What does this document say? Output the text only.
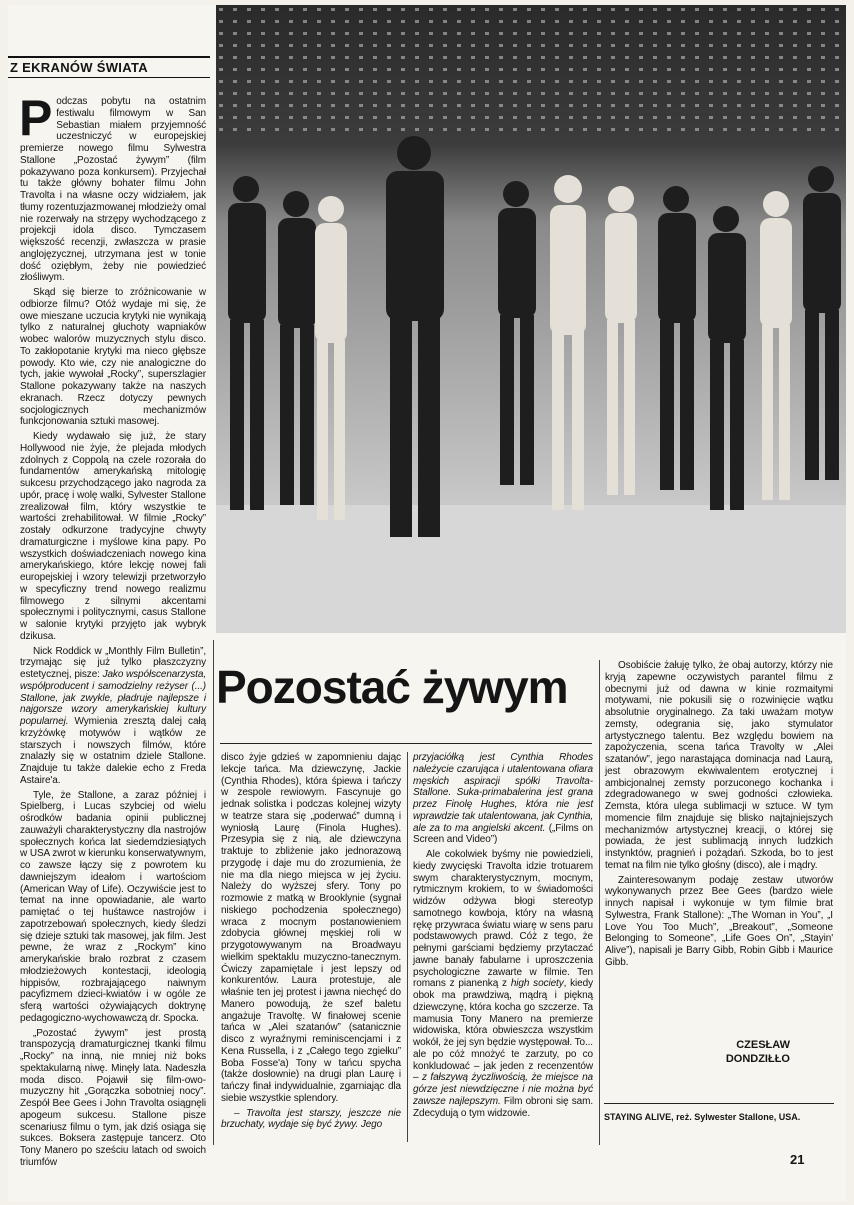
Z EKRANÓW ŚWIATA

Podczas pobytu na ostatnim festiwalu filmowym w San Sebastian miałem przyjemność uczestniczyć w europejskiej premierze nowego filmu Sylwestra Stallone „Pozostać żywym” (film pokazywano poza konkursem). Przyjechał tu także główny bohater filmu John Travolta i na własne oczy widziałem, jak tłumy rozentuzjazmowanej młodzieży omal nie rozerwały na strzępy wychodzącego z projekcji idola disco. Tymczasem większość recenzji, zwłaszcza w prasie anglojęzycznej, utrzymana jest w tonie dość oziębłym, żeby nie powiedzieć złośliwym.

Skąd się bierze to zróżnicowanie w odbiorze filmu? Otóż wydaje mi się, że owe mieszane uczucia krytyki nie wynikają tylko z naturalnej głuchoty wapniaków wobec walorów muzycznych stylu disco. To zakłopotanie krytyki ma nieco głębsze powody. Kto wie, czy nie analogiczne do tych, jakie wywołał „Rocky”, superszlagier Stallone pokazywany także na naszych ekranach. Rzecz dotyczy pewnych socjologicznych mechanizmów funkcjonowania sztuki masowej.

Kiedy wydawało się już, że stary Hollywood nie żyje, że plejada młodych zdolnych z Coppolą na czele rozorała do fundamentów amerykańską mitologię sukcesu przychodzącego jako nagroda za upór, pracę i wolę walki, Sylvester Stallone zrealizował film, który wszystkie te wartości zrehabilitował. W filmie „Rocky” zostały odkurzone tradycyjne chwyty dramaturgiczne i myślowe kina papy. Po wszystkich doświadczeniach nowego kina amerykańskiego, które lekcję nowej fali europejskiej i wzory telewizji przetworzyło w specyficzny trend nowego realizmu filmowego z silnymi akcentami społecznymi i politycznymi, casus Stallone w salonie krytyki przyjęto jak wybryk dzikusa.

Nick Roddick w „Monthly Film Bulletin”, trzymając się już tylko płaszczyzny estetycznej, pisze: Jako współscenarzysta, współproducent i samodzielny reżyser (...) Stallone, jak zwykle, pładruje najlepsze i najgorsze wzory amerykańskiej kultury popularnej. Wymienia zresztą dalej całą krzyżówkę motywów i wątków ze starszych i nowszych filmów, które znalazły się w ostatnim dziele Stallone. Znajduje tu także dalekie echo z Freda Astaire'a.

Tyle, że Stallone, a zaraz później i Spielberg, i Lucas szybciej od wielu ośrodków badania opinii publicznej zauważyli charakterystyczny dla nastrojów społecznych końca lat siedemdziesiątych w USA zwrot w kierunku konserwatywnym, co zawsze łączy się z powrotem ku dawniejszym ideałom i wartościom (American Way of Life). Oczywiście jest to temat na inne opowiadanie, ale warto pamiętać o tej huśtawce nastrojów i zapotrzebowań społecznych, kiedy śledzi się dzieje sztuki tak masowej, jak film. Jest pewne, że wraz z „Rockym” kino amerykańskie brało rozbrat z czasem młodzieżowych kontestacji, ideologią hippisów, rozbrajającego naiwnym pacyfizmem dzieci-kwiatów i w ogóle ze sferą wartości ożywiających doktrynę pedagogiczno-wychowawczą dr. Spocka.

„Pozostać żywym” jest prostą transpozycją dramaturgicznej tkanki filmu „Rocky” na inną, nie mniej niż boks spektakularną niwę. Minęły lata. Nadeszła moda disco. Pojawił się film-owo-muzyczny hit „Gorączka sobotniej nocy”. Zespół Bee Gees i John Travolta osiągnęli apogeum sukcesu. Stallone pisze scenariusz filmu o tym, jak dziś osiąga się sukces. Boksera zastępuje tancerz. Oto Tony Manero po sześciu latach od swoich triumfów

Pozostać żywym

disco żyje gdzieś w zapomnieniu dając lekcje tańca. Ma dziewczynę, Jackie (Cynthia Rhodes), która śpiewa i tańczy w zespole rewiowym. Fascynuje go jednak solistka i podczas kolejnej wizyty w teatrze stara się „poderwać” dumną i wyniosłą Laurę (Finola Hughes). Przesypia się z nią, ale dziewczyna traktuje to zbliżenie jako jednorazową przygodę i daje mu do zrozumienia, że nie ma dla niego miejsca w jej życiu. Należy do wyższej sfery. Tony po rozmowie z matką w Brooklynie (sygnał niskiego pochodzenia społecznego) wraca z mocnym postanowieniem zdobycia głównej męskiej roli w przygotowywanym na Broadwayu wielkim spektaklu muzyczno-tanecznym. Ćwiczy zapamiętale i jest lepszy od konkurentów. Laura protestuje, ale właśnie ten jej protest i jawna niechęć do Manero powodują, że szef baletu angażuje Travoltę. W finałowej scenie tańca w „Alei szatanów” (satanicznie disco z wyraźnymi reminiscencjami i z Kena Russella, i z „Całego tego zgiełku” Boba Fosse'a) Tony w tańcu spycha (także dosłownie) na drugi plan Laurę i tańczy finał indywidualnie, zgarniając dla siebie wszystkie splendory.

– Travolta jest starszy, jeszcze nie brzuchaty, wydaje się być żywy. Jego

przyjaciółką jest Cynthia Rhodes należycie czarująca i utalentowana ofiara męskich aspiracji spółki Travolta-Stallone. Suka-primabalerina jest grana przez Finolę Hughes, która nie jest wprawdzie tak utalentowana, jak Cynthia, ale za to ma angielski akcent. („Films on Screen and Video”)

Ale cokolwiek byśmy nie powiedzieli, kiedy zwycięski Travolta idzie trotuarem swym charakterystycznym, mocnym, rytmicznym krokiem, to w świadomości widzów odżywa błogi stereotyp samotnego kowboja, który na własną rękę przywraca światu wiarę w sens paru podstawowych prawd. Cóż z tego, że pełnymi garściami będziemy przytaczać jawne banały fabularne i uproszczenia psychologiczne zawarte w filmie. Ten romans z pianenką z high society, kiedy obok ma prawdziwą, mądrą i piękną dziewczynę, która kocha go szczerze. Ta mamusia Tony Manero na premierze widowiska, która obwieszcza wszystkim wokół, że jej syn będzie występował. To... ale po cóż mnożyć te zarzuty, po co konkludować – jak jeden z recenzentów – z fałszywą życzliwością, że miejsce na górze jest niewdzięczne i nie można być zawsze najlepszym. Film obroni się sam. Zdecydują o tym widzowie.

Osobiście żałuję tylko, że obaj autorzy, którzy nie kryją zapewne oczywistych parantel filmu z obecnymi już od dawna w kinie rozmaitymi motywami, nie pokusili się o rozwinięcie wątku absolutnie oryginalnego. Za taki uważam motyw zemsty, odegrania się, jako stymulator artystycznego talentu. Bez względu bowiem na zapożyczenia, scena tańca Travolty w „Alei szatanów”, jego narastająca dominacja nad Laurą, jest obrazowym ekwiwalentem erotycznej i ambicjonalnej zemsty porzuconego kochanka i zdegradowanego w swej godności człowieka. Zemsta, która ulega sublimacji w sztuce. W tym momencie film znajduje się blisko najtajniejszych mechanizmów artystycznej kreacji, o której się powiada, że jest sublimacją innych ludzkich instynktów, pragnień i pożądań. Szkoda, bo to jest temat na film nie tylko głośny (disco), ale i mądry.

Zainteresowanym podaję zestaw utworów wykonywanych przez Bee Gees (bardzo wiele innych napisał i wykonuje w tym filmie brat Sylwestra, Frank Stallone): „The Woman in You”, „I Love You Too Much”, „Breakout”, „Someone Belonging to Someone”, „Life Goes On”, „Stayin' Alive”), napisali je Barry Gibb, Robin Gibb i Maurice Gibb.

CZESŁAW
DONDZIŁŁO
STAYING ALIVE, reż. Sylwester Stallone, USA.
21
